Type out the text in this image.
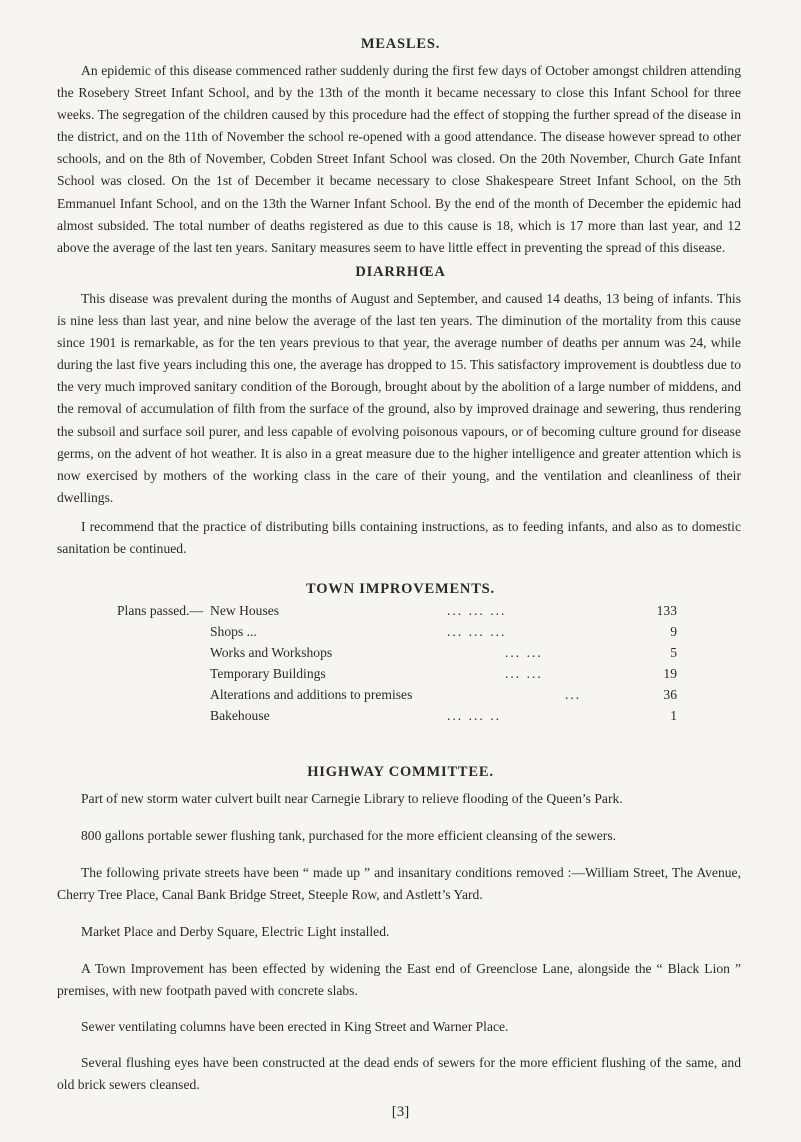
MEASLES.

An epidemic of this disease commenced rather suddenly during the first few days of October amongst children attending the Rosebery Street Infant School, and by the 13th of the month it became necessary to close this Infant School for three weeks. The segregation of the children caused by this procedure had the effect of stopping the further spread of the disease in the district, and on the 11th of November the school re-opened with a good attendance. The disease however spread to other schools, and on the 8th of November, Cobden Street Infant School was closed. On the 20th November, Church Gate Infant School was closed. On the 1st of December it became necessary to close Shakespeare Street Infant School, on the 5th Emmanuel Infant School, and on the 13th the Warner Infant School. By the end of the month of December the epidemic had almost subsided. The total number of deaths registered as due to this cause is 18, which is 17 more than last year, and 12 above the average of the last ten years. Sanitary measures seem to have little effect in preventing the spread of this disease.

DIARRHŒA

This disease was prevalent during the months of August and September, and caused 14 deaths, 13 being of infants. This is nine less than last year, and nine below the average of the last ten years. The diminution of the mortality from this cause since 1901 is remarkable, as for the ten years previous to that year, the average number of deaths per annum was 24, while during the last five years including this one, the average has dropped to 15. This satisfactory improvement is doubtless due to the very much improved sanitary condition of the Borough, brought about by the abolition of a large number of middens, and the removal of accumulation of filth from the surface of the ground, also by improved drainage and sewering, thus rendering the subsoil and surface soil purer, and less capable of evolving poisonous vapours, or of becoming culture ground for disease germs, on the advent of hot weather. It is also in a great measure due to the higher intelligence and greater attention which is now exercised by mothers of the working class in the care of their young, and the ventilation and cleanliness of their dwellings.

I recommend that the practice of distributing bills containing instructions, as to feeding infants, and also as to domestic sanitation be continued.

TOWN IMPROVEMENTS.
Plans passed.— New Houses	... ... ...	133
Shops ...	... ... ...	9
Works and Workshops	... ...	5
Temporary Buildings	... ...	19
Alterations and additions to premises	...	36
Bakehouse	... ... ..	1
HIGHWAY COMMITTEE.

Part of new storm water culvert built near Carnegie Library to relieve flooding of the Queen’s Park.

800 gallons portable sewer flushing tank, purchased for the more efficient cleansing of the sewers.

The following private streets have been “ made up ” and insanitary conditions removed :—William Street, The Avenue, Cherry Tree Place, Canal Bank Bridge Street, Steeple Row, and Astlett’s Yard.

Market Place and Derby Square, Electric Light installed.

A Town Improvement has been effected by widening the East end of Greenclose Lane, alongside the “ Black Lion ” premises, with new footpath paved with concrete slabs.

Sewer ventilating columns have been erected in King Street and Warner Place.

Several flushing eyes have been constructed at the dead ends of sewers for the more efficient flushing of the same, and old brick sewers cleansed.

[3]
